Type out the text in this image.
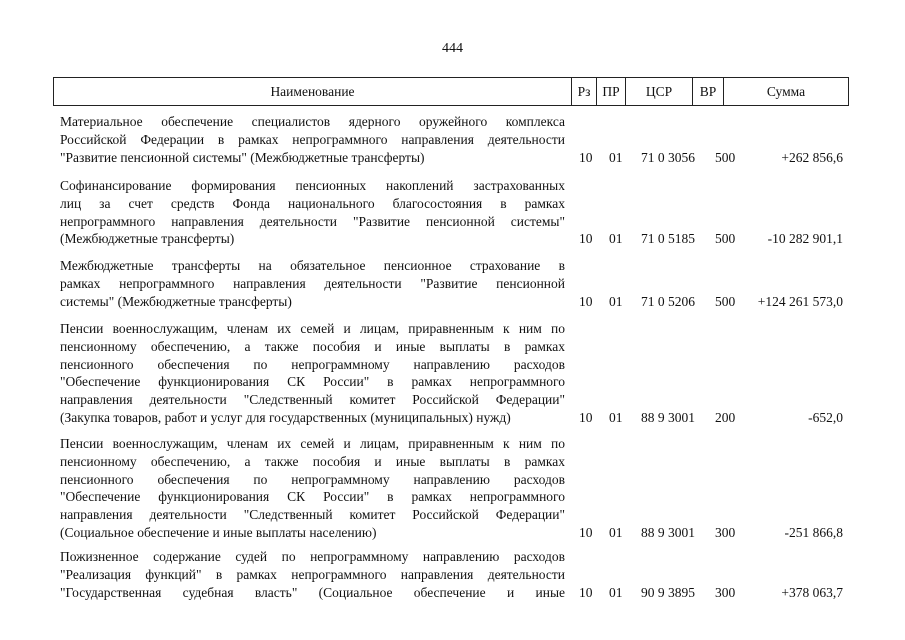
444
Наименование	Рз ПР	ЦСР	ВР	Сумма
Материальное обеспечение специалистов ядерного оружейного комплекса
Российской Федерации в рамках непрограммного направления деятельности
"Развитие пенсионной системы" (Межбюджетные трансферты)	10 01	71 0 3056	500	+262 856,6
Софинансирование формирования пенсионных накоплений застрахованных
лиц за счет средств Фонда национального благосостояния в рамках
непрограммного направления деятельности "Развитие пенсионной системы"
(Межбюджетные трансферты)	10 01	71 0 5185	500	-10 282 901,1
Межбюджетные трансферты на обязательное пенсионное страхование в
рамках непрограммного направления деятельности "Развитие пенсионной
системы" (Межбюджетные трансферты)	10 01	71 0 5206	500	+124 261 573,0
Пенсии военнослужащим, членам их семей и лицам, приравненным к ним по
пенсионному обеспечению, а также пособия и иные выплаты в рамках
пенсионного обеспечения по непрограммному направлению расходов
"Обеспечение функционирования СК России" в рамках непрограммного
направления деятельности "Следственный комитет Российской Федерации"
(Закупка товаров, работ и услуг для государственных (муниципальных) нужд)	10 01	88 9 3001	200	-652,0
Пенсии военнослужащим, членам их семей и лицам, приравненным к ним по
пенсионному обеспечению, а также пособия и иные выплаты в рамках
пенсионного обеспечения по непрограммному направлению расходов
"Обеспечение функционирования СК России" в рамках непрограммного
направления деятельности "Следственный комитет Российской Федерации"
(Социальное обеспечение и иные выплаты населению)	10 01	88 9 3001	300	-251 866,8
Пожизненное содержание судей по непрограммному направлению расходов
"Реализация функций" в рамках непрограммного направления деятельности
"Государственная судебная власть" (Социальное обеспечение и иные 10 01	90 9 3895	300	+378 063,7
